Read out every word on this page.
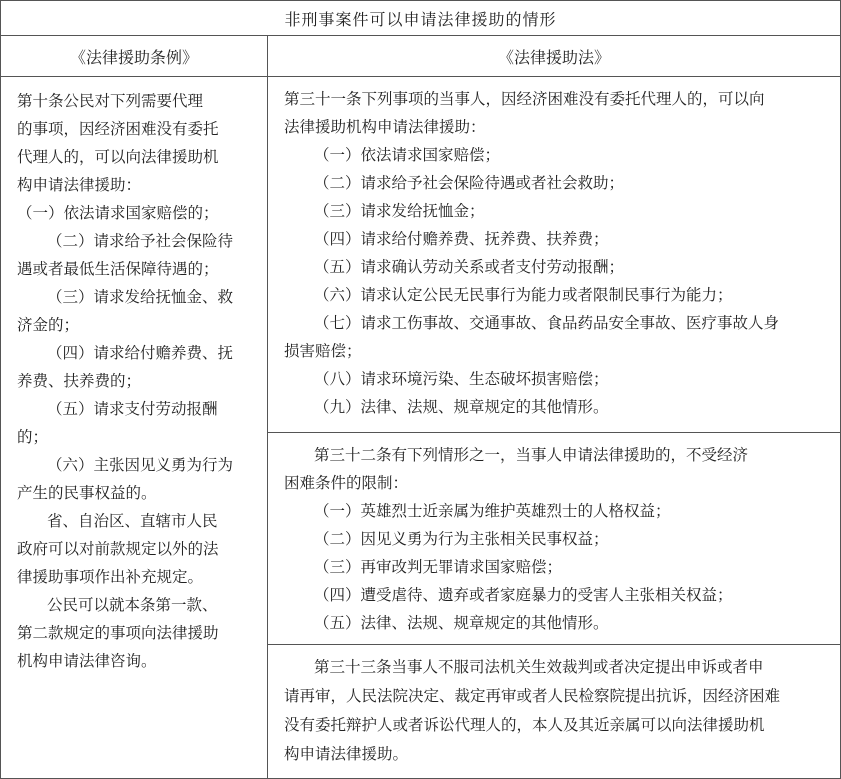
非刑事案件可以申请法律援助的情形
《法律援助条例》	《法律援助法》
第十条公民对下列需要代理
的事项，因经济困难没有委托
代理人的，可以向法律援助机
构申请法律援助：
（一）依法请求国家赔偿的；
（二）请求给予社会保险待
遇或者最低生活保障待遇的；
（三）请求发给抚恤金、救
济金的；
（四）请求给付赡养费、抚
养费、扶养费的；
（五）请求支付劳动报酬
的；
（六）主张因见义勇为行为
产生的民事权益的。
省、自治区、直辖市人民
政府可以对前款规定以外的法
律援助事项作出补充规定。
公民可以就本条第一款、
第二款规定的事项向法律援助
机构申请法律咨询。
第三十一条下列事项的当事人，因经济困难没有委托代理人的，可以向
法律援助机构申请法律援助：
（一）依法请求国家赔偿；
（二）请求给予社会保险待遇或者社会救助；
（三）请求发给抚恤金；
（四）请求给付赡养费、抚养费、扶养费；
（五）请求确认劳动关系或者支付劳动报酬；
（六）请求认定公民无民事行为能力或者限制民事行为能力；
（七）请求工伤事故、交通事故、食品药品安全事故、医疗事故人身
损害赔偿；
（八）请求环境污染、生态破坏损害赔偿；
（九）法律、法规、规章规定的其他情形。
第三十二条有下列情形之一，当事人申请法律援助的，不受经济
困难条件的限制：
（一）英雄烈士近亲属为维护英雄烈士的人格权益；
（二）因见义勇为行为主张相关民事权益；
（三）再审改判无罪请求国家赔偿；
（四）遭受虐待、遗弃或者家庭暴力的受害人主张相关权益；
（五）法律、法规、规章规定的其他情形。
第三十三条当事人不服司法机关生效裁判或者决定提出申诉或者申
请再审，人民法院决定、裁定再审或者人民检察院提出抗诉，因经济困难
没有委托辩护人或者诉讼代理人的，本人及其近亲属可以向法律援助机
构申请法律援助。
